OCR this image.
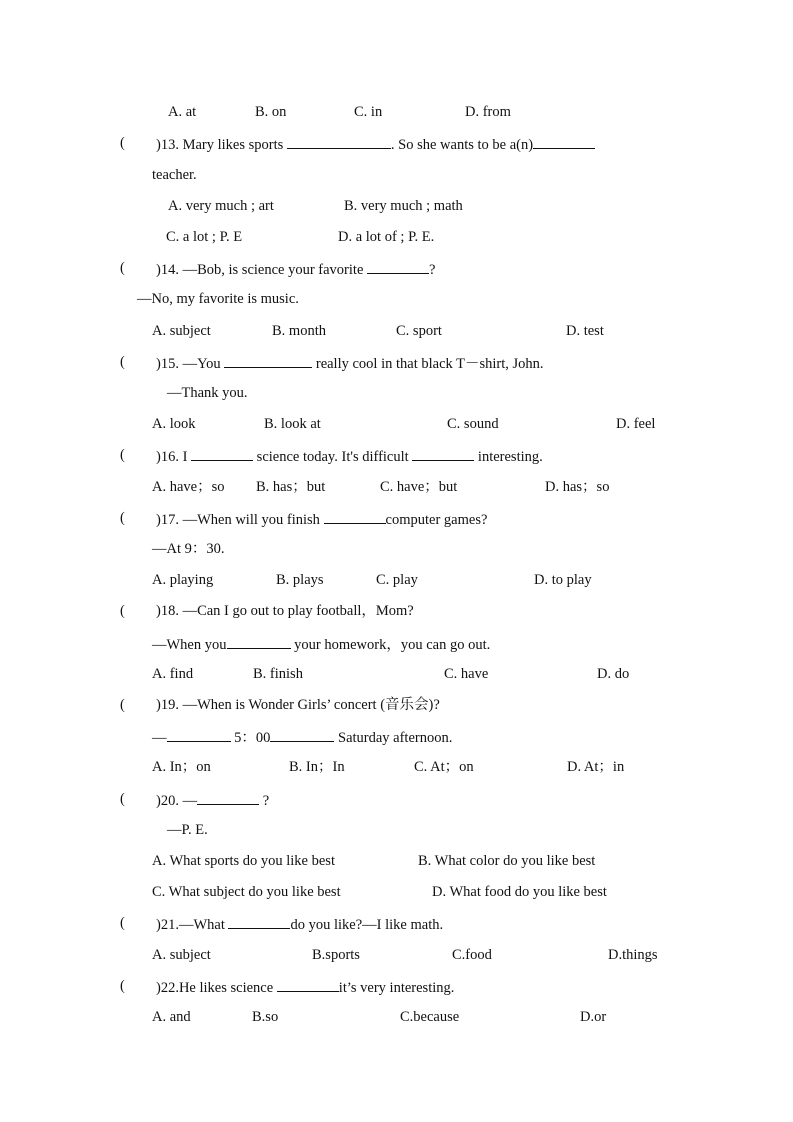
A. at	B. on	C. in	D. from
( )13. Mary likes sports	. So she wants to be a(n)
teacher.
A. very much ; art	B. very much ; math
C. a lot ; P. E	D. a lot of ; P. E.
( )14. —Bob, is science your favorite	?
—No, my favorite is music.
A. subject	B. month	C. sport	D. test
( )15. —You	really cool in that black T－shirt, John.
—Thank you.
A. look	B. look at	C. sound	D. feel
( )16. I	science today. It's difficult	interesting.
A. have；so B. has；but	C. have；but	D. has；so
( )17. —When will you finish	computer games?
—At 9：30.
A. playing	B. plays	C. play	D. to play
( )18. —Can I go out to play football，Mom?
—When you	your homework，you can go out.
A. find	B. finish	C. have	D. do
( )19. —When is Wonder Girls’ concert (音乐会)?
—	5：00	Saturday afternoon.
A. In；on	B. In；In	C. At；on	D. At；in
( )20. —	?
—P. E.
A. What sports do you like best	B. What color do you like best
C. What subject do you like best	D. What food do you like best
( )21.—What	do you like?—I like math.
A. subject	B.sports	C.food	D.things
( )22.He likes science	it’s very interesting.
A. and	B.so	C.because	D.or
